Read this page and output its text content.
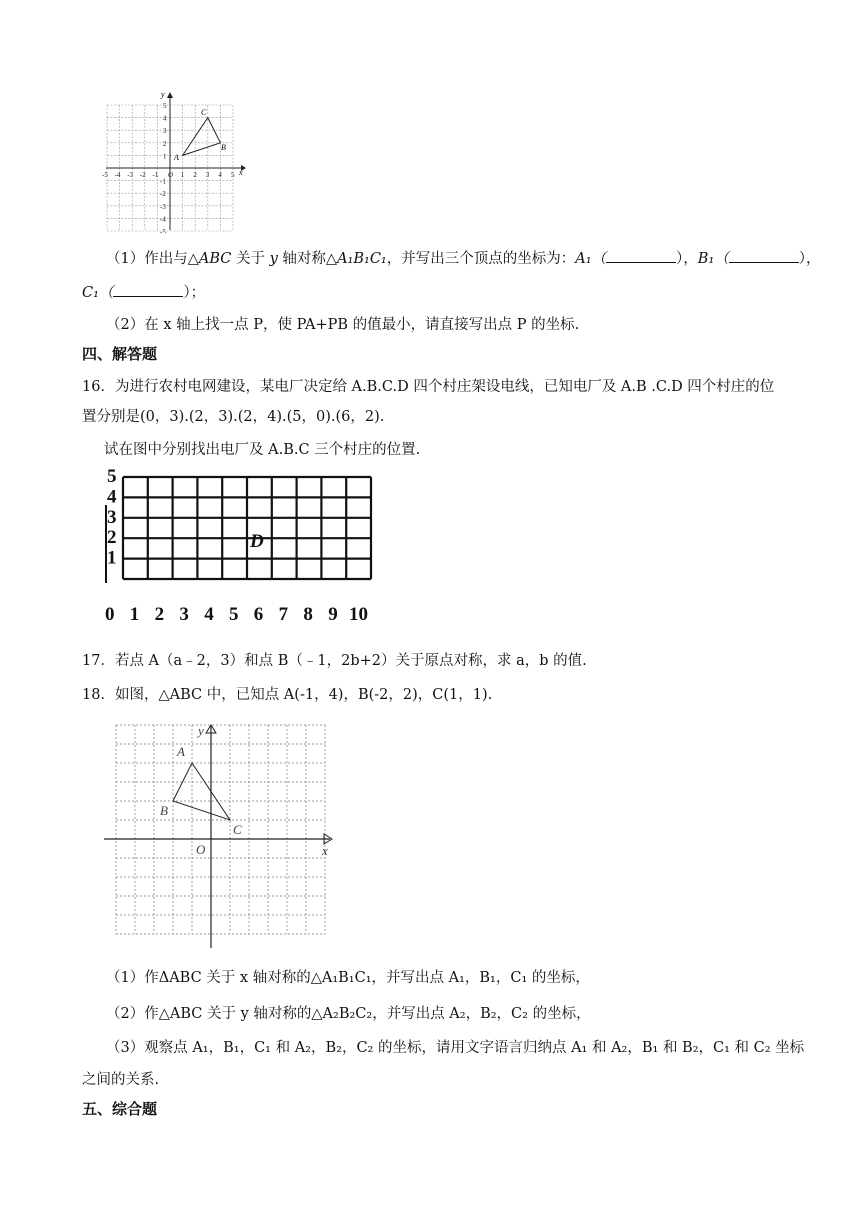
-5 -4 -3 -2 -1 O 1 2 3 4 5
1
2
3
4
5
-1
-2
-3
-4
-5
x
y
A
B
C
（1）作出与△ABC 关于 y 轴对称△A₁B₁C₁，并写出三个顶点的坐标为：A₁（	），B₁（	），
C₁（	）；
（2）在 x 轴上找一点 P，使 PA+PB 的值最小，请直接写出点 P 的坐标.
四、解答题
16．为进行农村电网建设，某电厂决定给 A.B.C.D 四个村庄架设电线，已知电厂及 A.B .C.D 四个村庄的位
置分别是(0，3).(2，3).(2，4).(5，0).(6，2).
试在图中分别找出电厂及 A.B.C 三个村庄的位置.
0 1 2 3 4 5 6 7 8 9 10
5
4
3
2
1
D
17．若点 A（a﹣2，3）和点 B（﹣1，2b+2）关于原点对称，求 a，b 的值.
18．如图，△ABC 中，已知点 A(-1，4)，B(-2，2)，C(1，1).
x
y
O
A
B
C
（1）作ΔABC 关于 x 轴对称的△A₁B₁C₁，并写出点 A₁，B₁，C₁ 的坐标，
（2）作△ABC 关于 y 轴对称的△A₂B₂C₂，并写出点 A₂，B₂，C₂ 的坐标，
（3）观察点 A₁，B₁，C₁ 和 A₂，B₂，C₂ 的坐标，请用文字语言归纳点 A₁ 和 A₂，B₁ 和 B₂，C₁ 和 C₂ 坐标
之间的关系.
五、综合题
